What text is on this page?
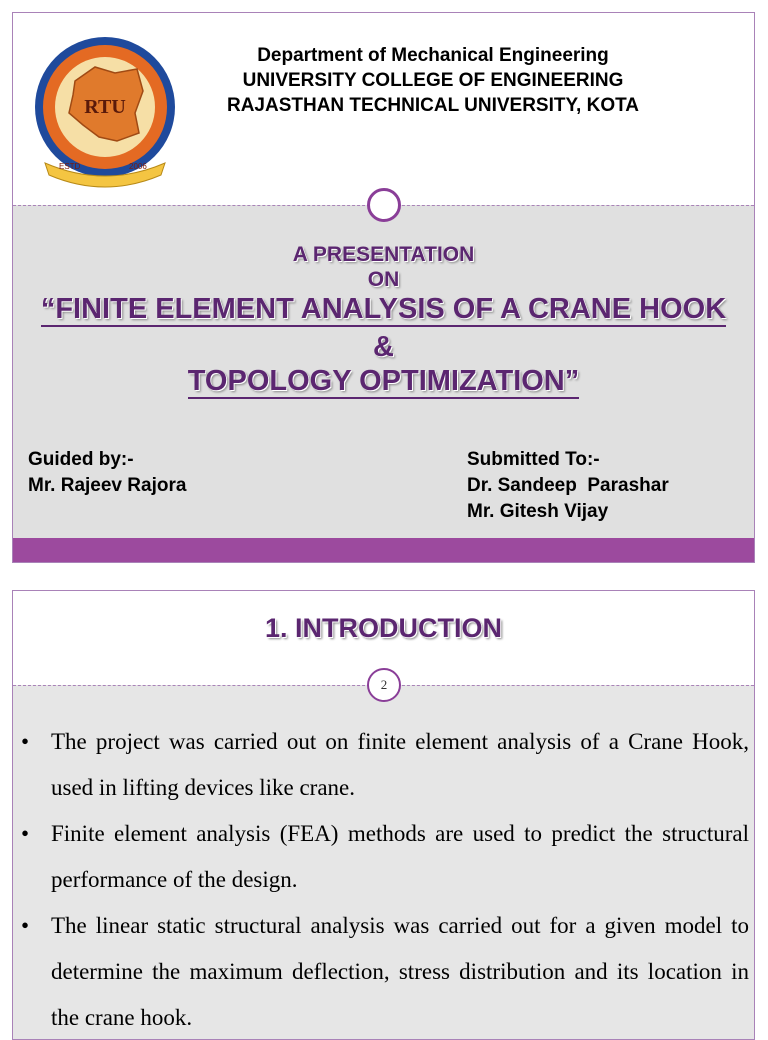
RTU
ESTD	2006
Department of Mechanical Engineering
UNIVERSITY COLLEGE OF ENGINEERING
RAJASTHAN TECHNICAL UNIVERSITY, KOTA
A PRESENTATION
ON
“FINITE ELEMENT ANALYSIS OF A CRANE HOOK
&
TOPOLOGY OPTIMIZATION”
Guided by:-
Mr. Rajeev Rajora
Submitted To:-
Dr. Sandeep  Parashar
Mr. Gitesh Vijay
1. INTRODUCTION
2
• The project was carried out on finite element analysis of a Crane Hook, used in lifting devices like crane.
• Finite element analysis (FEA) methods are used to predict the structural performance of the design.
• The linear static structural analysis was carried out for a given model to determine the maximum deflection, stress distribution and its location in the crane hook.
